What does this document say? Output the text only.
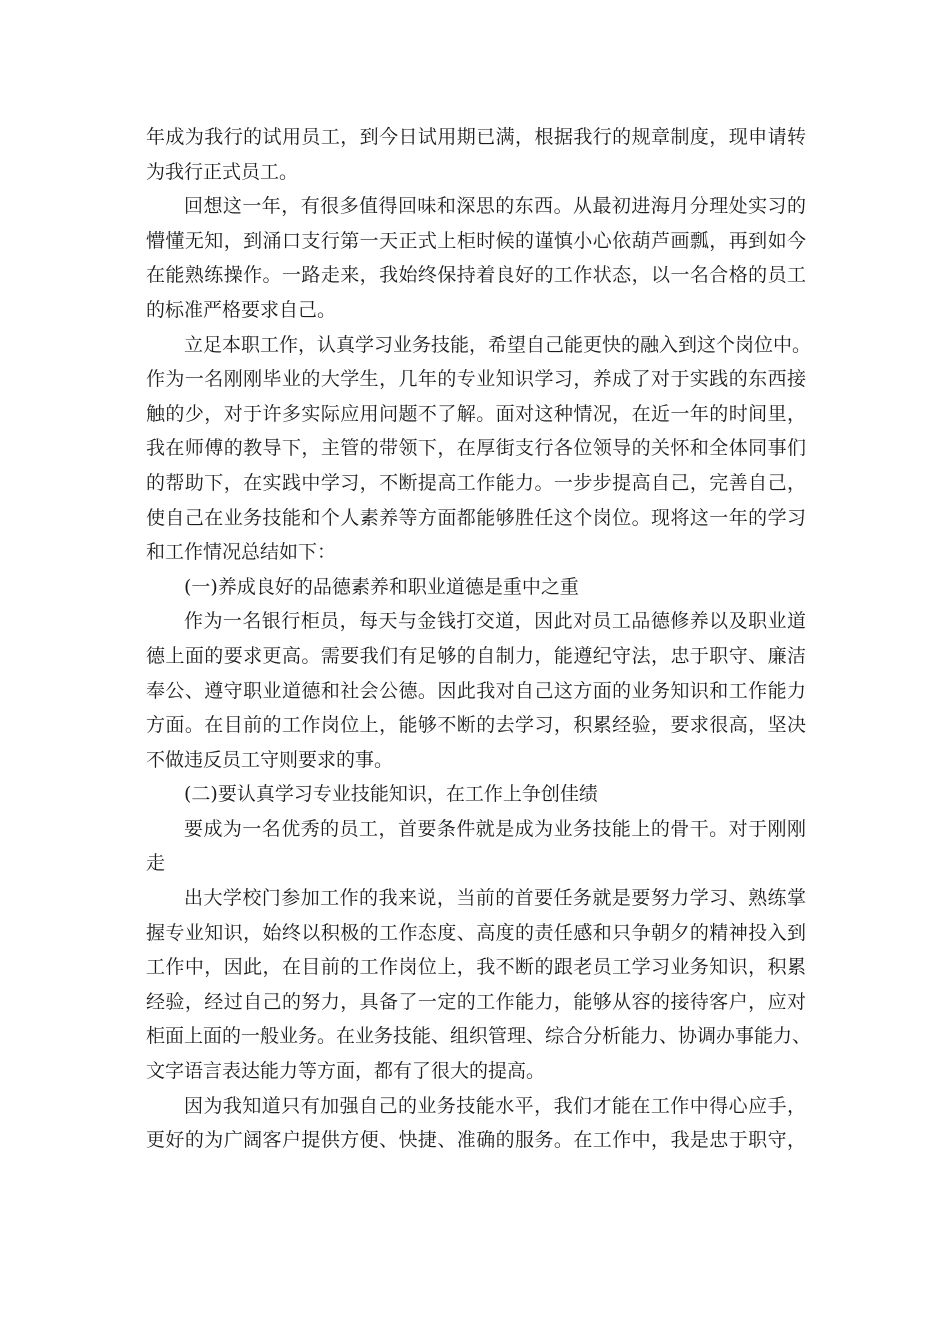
年成为我行的试用员工，到今日试用期已满，根据我行的规章制度，现申请转
为我行正式员工。
回想这一年，有很多值得回味和深思的东西。从最初进海月分理处实习的
懵懂无知，到涌口支行第一天正式上柜时候的谨慎小心依葫芦画瓢，再到如今
在能熟练操作。一路走来，我始终保持着良好的工作状态，以一名合格的员工
的标准严格要求自己。
立足本职工作，认真学习业务技能，希望自己能更快的融入到这个岗位中。
作为一名刚刚毕业的大学生，几年的专业知识学习，养成了对于实践的东西接
触的少，对于许多实际应用问题不了解。面对这种情况，在近一年的时间里，
我在师傅的教导下，主管的带领下，在厚街支行各位领导的关怀和全体同事们
的帮助下，在实践中学习，不断提高工作能力。一步步提高自己，完善自己，
使自己在业务技能和个人素养等方面都能够胜任这个岗位。现将这一年的学习
和工作情况总结如下：
(一)养成良好的品德素养和职业道德是重中之重
作为一名银行柜员，每天与金钱打交道，因此对员工品德修养以及职业道
德上面的要求更高。需要我们有足够的自制力，能遵纪守法，忠于职守、廉洁
奉公、遵守职业道德和社会公德。因此我对自己这方面的业务知识和工作能力
方面。在目前的工作岗位上，能够不断的去学习，积累经验，要求很高，坚决
不做违反员工守则要求的事。
(二)要认真学习专业技能知识，在工作上争创佳绩
要成为一名优秀的员工，首要条件就是成为业务技能上的骨干。对于刚刚
走
出大学校门参加工作的我来说，当前的首要任务就是要努力学习、熟练掌
握专业知识，始终以积极的工作态度、高度的责任感和只争朝夕的精神投入到
工作中，因此，在目前的工作岗位上，我不断的跟老员工学习业务知识，积累
经验，经过自己的努力，具备了一定的工作能力，能够从容的接待客户，应对
柜面上面的一般业务。在业务技能、组织管理、综合分析能力、协调办事能力、
文字语言表达能力等方面，都有了很大的提高。
因为我知道只有加强自己的业务技能水平，我们才能在工作中得心应手，
更好的为广阔客户提供方便、快捷、准确的服务。在工作中，我是忠于职守，
